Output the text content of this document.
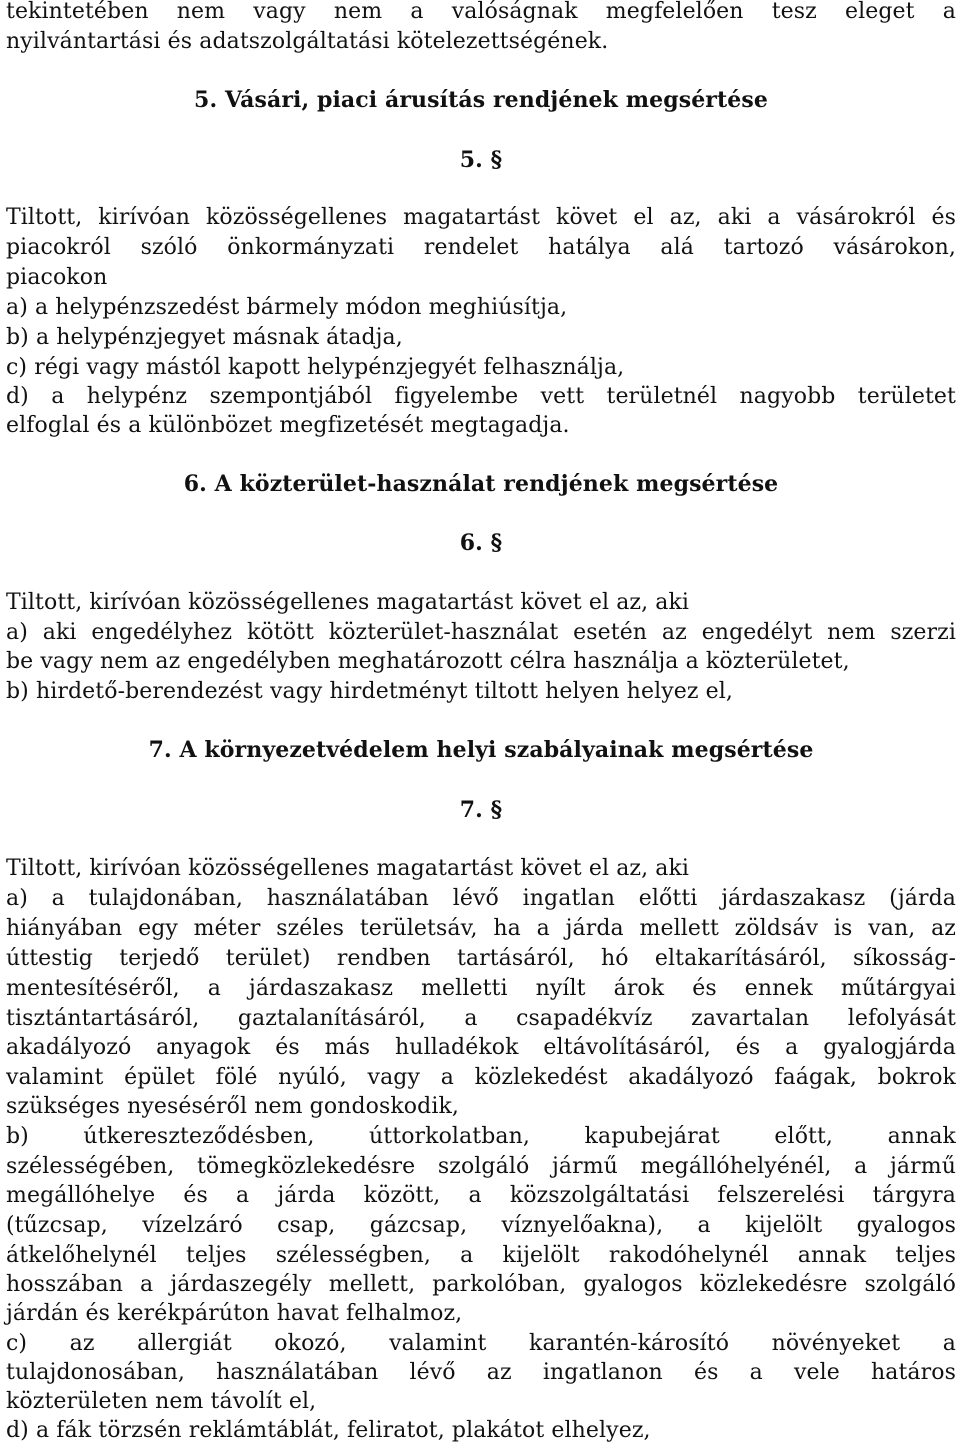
tekintetében nem vagy nem a valóságnak megfelelően tesz eleget a
nyilvántartási és adatszolgáltatási kötelezettségének.
5. Vásári, piaci árusítás rendjének megsértése
5. §
Tiltott, kirívóan közösségellenes magatartást követ el az, aki a vásárokról és
piacokról szóló önkormányzati rendelet hatálya alá tartozó vásárokon,
piacokon
a) a helypénzszedést bármely módon meghiúsítja,
b) a helypénzjegyet másnak átadja,
c) régi vagy mástól kapott helypénzjegyét felhasználja,
d) a helypénz szempontjából figyelembe vett területnél nagyobb területet
elfoglal és a különbözet megfizetését megtagadja.
6. A közterület-használat rendjének megsértése
6. §
Tiltott, kirívóan közösségellenes magatartást követ el az, aki
a) aki engedélyhez kötött közterület-használat esetén az engedélyt nem szerzi
be vagy nem az engedélyben meghatározott célra használja a közterületet,
b) hirdető-berendezést vagy hirdetményt tiltott helyen helyez el,
7. A környezetvédelem helyi szabályainak megsértése
7. §
Tiltott, kirívóan közösségellenes magatartást követ el az, aki
a) a tulajdonában, használatában lévő ingatlan előtti járdaszakasz (járda
hiányában egy méter széles területsáv, ha a járda mellett zöldsáv is van, az
úttestig terjedő terület) rendben tartásáról, hó eltakarításáról, síkosság-
mentesítéséről, a járdaszakasz melletti nyílt árok és ennek műtárgyai
tisztántartásáról, gaztalanításáról, a csapadékvíz zavartalan lefolyását
akadályozó anyagok és más hulladékok eltávolításáról, és a gyalogjárda
valamint épület fölé nyúló, vagy a közlekedést akadályozó faágak, bokrok
szükséges nyeséséről nem gondoskodik,
b) útkereszteződésben, úttorkolatban, kapubejárat előtt, annak
szélességében, tömegközlekedésre szolgáló jármű megállóhelyénél, a jármű
megállóhelye és a járda között, a közszolgáltatási felszerelési tárgyra
(tűzcsap, vízelzáró csap, gázcsap, víznyelőakna), a kijelölt gyalogos
átkelőhelynél teljes szélességben, a kijelölt rakodóhelynél annak teljes
hosszában a járdaszegély mellett, parkolóban, gyalogos közlekedésre szolgáló
járdán és kerékpárúton havat felhalmoz,
c) az allergiát okozó, valamint karantén-károsító növényeket a
tulajdonosában, használatában lévő az ingatlanon és a vele határos
közterületen nem távolít el,
d) a fák törzsén reklámtáblát, feliratot, plakátot elhelyez,
